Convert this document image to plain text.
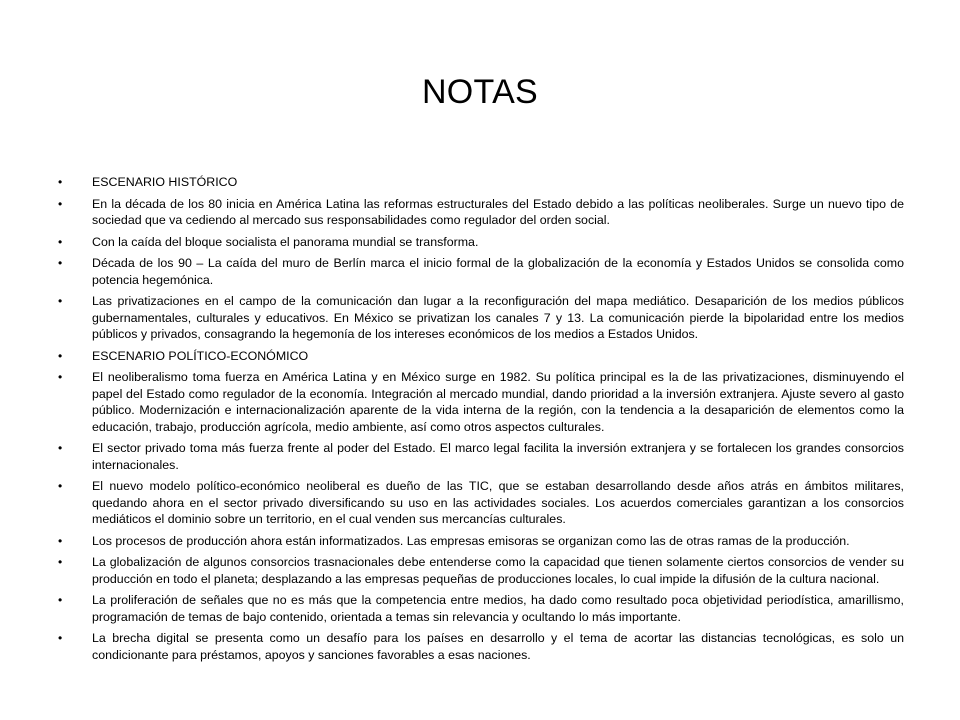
NOTAS
•	ESCENARIO HISTÓRICO
•	En la década de los 80 inicia en América Latina las reformas estructurales del Estado debido a las políticas neoliberales. Surge un nuevo tipo de sociedad que va cediendo al mercado sus responsabilidades como regulador del orden social.
•	Con la caída del bloque socialista el panorama mundial se transforma.
•	Década de los 90 – La caída del muro de Berlín marca el inicio formal de la globalización de la economía y Estados Unidos se consolida como potencia hegemónica.
•	Las privatizaciones en el campo de la comunicación dan lugar a la reconfiguración del mapa mediático. Desaparición de los medios públicos gubernamentales, culturales y educativos. En México se privatizan los canales 7 y 13. La comunicación pierde la bipolaridad entre los medios públicos y privados, consagrando la hegemonía de los intereses económicos de los medios a Estados Unidos.
•	ESCENARIO POLÍTICO-ECONÓMICO
•	El neoliberalismo toma fuerza en América Latina y en México surge en 1982. Su política principal es la de las privatizaciones, disminuyendo el papel del Estado como regulador de la economía. Integración al mercado mundial, dando prioridad a la inversión extranjera. Ajuste severo al gasto público. Modernización e internacionalización aparente de la vida interna de la región, con la tendencia a la desaparición de elementos como la educación, trabajo, producción agrícola, medio ambiente, así como otros aspectos culturales.
•	El sector privado toma más fuerza frente al poder del Estado. El marco legal facilita la inversión extranjera y se fortalecen los grandes consorcios internacionales.
•	El nuevo modelo político-económico neoliberal es dueño de las TIC, que se estaban desarrollando desde años atrás en ámbitos militares, quedando ahora en el sector privado diversificando su uso en las actividades sociales. Los acuerdos comerciales garantizan a los consorcios mediáticos el dominio sobre un territorio, en el cual venden sus mercancías culturales.
•	Los procesos de producción ahora están informatizados. Las empresas emisoras se organizan como las de otras ramas de la producción.
•	La globalización de algunos consorcios trasnacionales debe entenderse como la capacidad que tienen solamente ciertos consorcios de vender su producción en todo el planeta; desplazando a las empresas pequeñas de producciones locales, lo cual impide la difusión de la cultura nacional.
•	La proliferación de señales que no es más que la competencia entre medios, ha dado como resultado poca objetividad periodística, amarillismo, programación de temas de bajo contenido, orientada a temas sin relevancia y ocultando lo más importante.
•	La brecha digital se presenta como un desafío para los países en desarrollo y el tema de acortar las distancias tecnológicas, es solo un condicionante para préstamos, apoyos y sanciones favorables a esas naciones.
